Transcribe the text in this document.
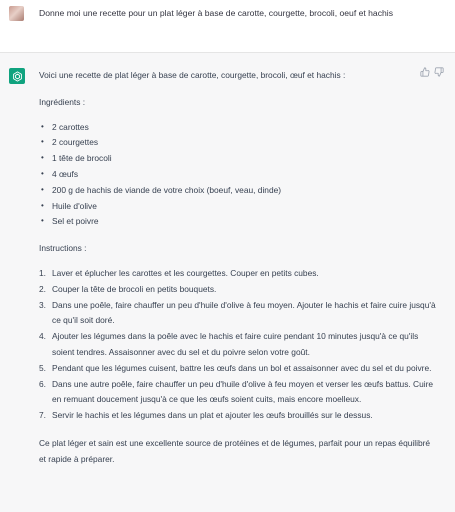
Donne moi une recette pour un plat léger à base de carotte, courgette, brocoli, oeuf et hachis

Voici une recette de plat léger à base de carotte, courgette, brocoli, œuf et hachis :

Ingrédients :

• 2 carottes
• 2 courgettes
• 1 tête de brocoli
• 4 œufs
• 200 g de hachis de viande de votre choix (boeuf, veau, dinde)
• Huile d'olive
• Sel et poivre

Instructions :

1. Laver et éplucher les carottes et les courgettes. Couper en petits cubes.
2. Couper la tête de brocoli en petits bouquets.
3. Dans une poêle, faire chauffer un peu d'huile d'olive à feu moyen. Ajouter le hachis et faire cuire jusqu'à ce qu'il soit doré.
4. Ajouter les légumes dans la poêle avec le hachis et faire cuire pendant 10 minutes jusqu'à ce qu'ils soient tendres. Assaisonner avec du sel et du poivre selon votre goût.
5. Pendant que les légumes cuisent, battre les œufs dans un bol et assaisonner avec du sel et du poivre.
6. Dans une autre poêle, faire chauffer un peu d'huile d'olive à feu moyen et verser les œufs battus. Cuire en remuant doucement jusqu'à ce que les œufs soient cuits, mais encore moelleux.
7. Servir le hachis et les légumes dans un plat et ajouter les œufs brouillés sur le dessus.

Ce plat léger et sain est une excellente source de protéines et de légumes, parfait pour un repas équilibré et rapide à préparer.
